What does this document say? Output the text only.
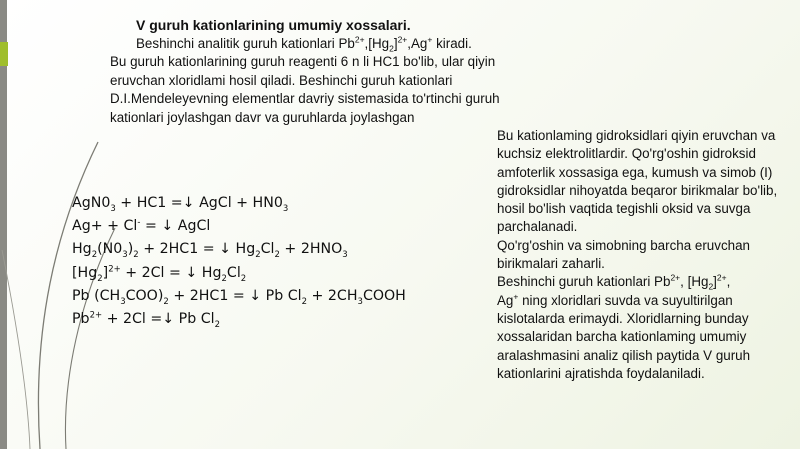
V guruh kationlarining umumiy xossalari.

Beshinchi analitik guruh kationlari $Pb^{2+},[Hg_2]^{2+},Ag^+$ kiradi.

Bu guruh kationlarining guruh reagenti 6 n li HC1 bo'lib, ular qiyin eruvchan xloridlami hosil qiladi. Beshinchi guruh kationlari D.I.Mendeleyevning elementlar davriy sistemasida to'rtinchi guruh kationlari joylashgan davr va guruhlarda joylashgan

Bu kationlaming gidroksidlari qiyin eruvchan va kuchsiz elektrolitlardir. Qo'rg'oshin gidroksid amfoterlik xossasiga ega, kumush va simob (I) gidroksidlar nihoyatda beqaror birikmalar bo'lib, hosil bo'lish vaqtida tegishli oksid va suvga parchalanadi.

Qo'rg'oshin va simobning barcha eruvchan birikmalari zaharli.

Beshinchi guruh kationlari $Pb^{2+}$, $[Hg_2]^{2+}$,
Ag+ ning xloridlari suvda va suyultirilgan kislotalarda erimaydi. Xloridlarning bunday xossalaridan barcha kationlaming umumiy aralashmasini analiz qilish paytida V guruh kationlarini ajratishda foydalaniladi.

$AgN0_3 + HC1$ =↓ AgCl + $HN0_3$
Ag+ + Cl- = ↓ AgCl
$Hg_2(N0_3)_2 + 2HC1$ = ↓ $Hg_2Cl_2 + 2HNO_3$
$[Hg_2]^{2+} + 2Cl$ = ↓ $Hg_2Cl_2$
Pb $(CH_3COO)_2 + 2HC1$ = ↓ Pb $Cl_2$ + $2CH_3COOH$
$Pb^{2+} + 2Cl$ =↓ Pb $Cl_2$
